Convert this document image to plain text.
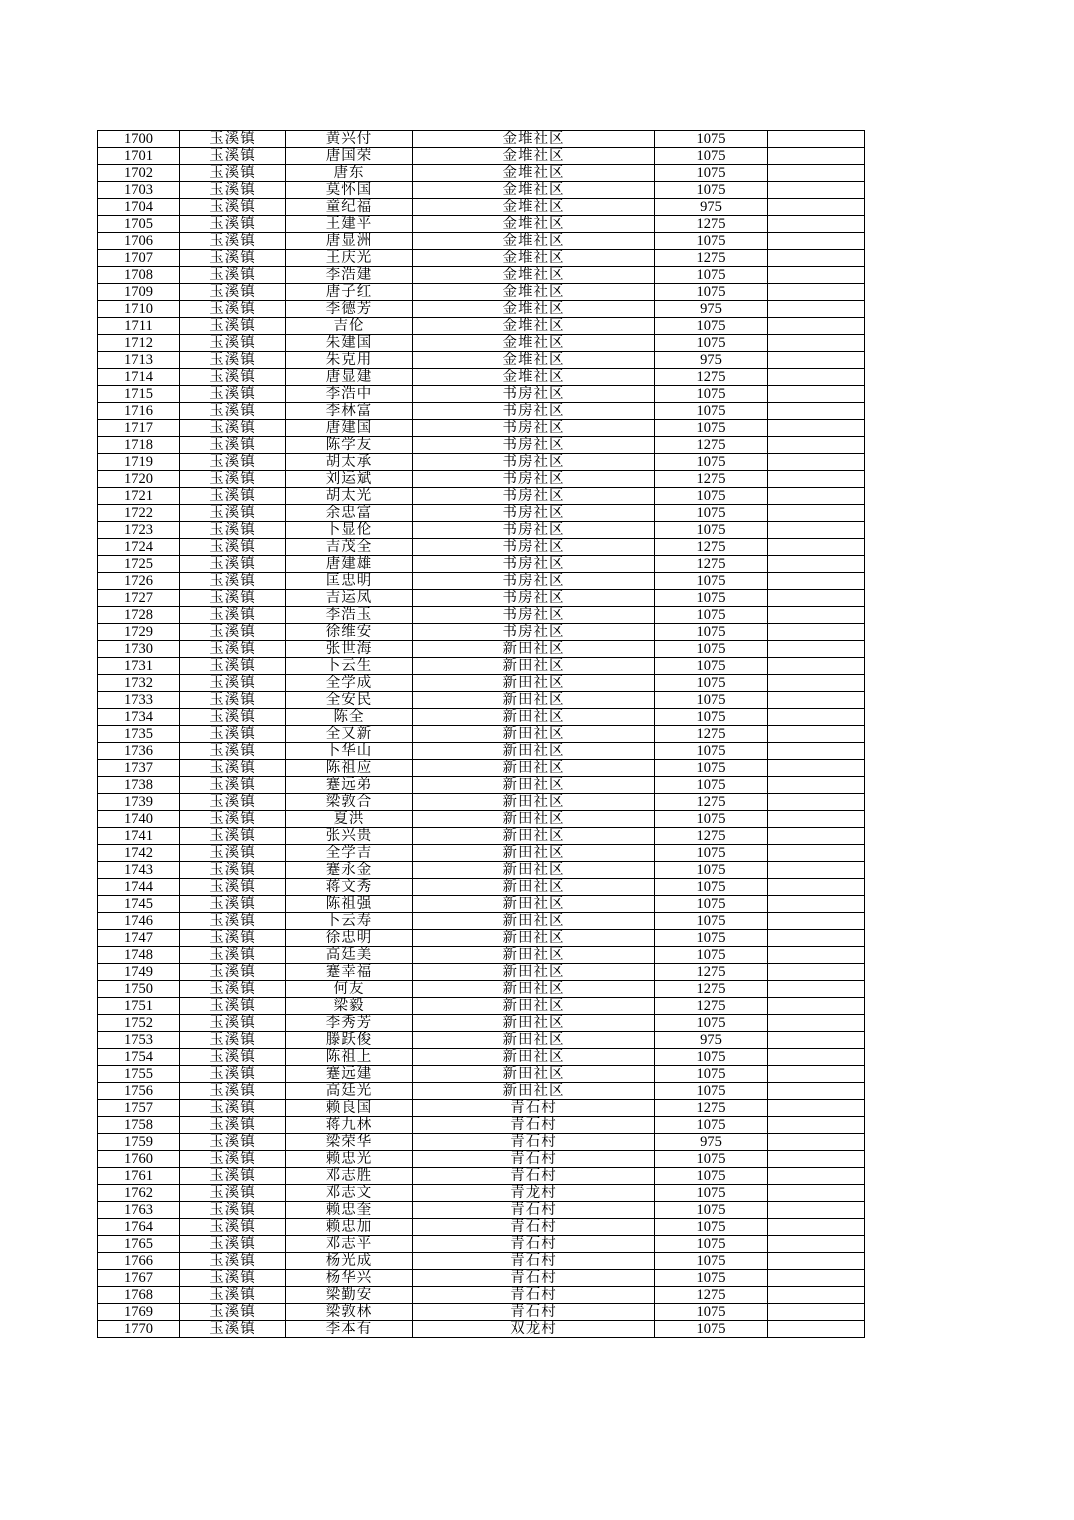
1700	玉溪镇	黄兴付	金堆社区	1075	
1701	玉溪镇	唐国荣	金堆社区	1075	
1702	玉溪镇	唐东	金堆社区	1075	
1703	玉溪镇	莫怀国	金堆社区	1075	
1704	玉溪镇	童纪福	金堆社区	975	
1705	玉溪镇	王建平	金堆社区	1275	
1706	玉溪镇	唐显洲	金堆社区	1075	
1707	玉溪镇	王庆光	金堆社区	1275	
1708	玉溪镇	李浩建	金堆社区	1075	
1709	玉溪镇	唐子红	金堆社区	1075	
1710	玉溪镇	李德芳	金堆社区	975	
1711	玉溪镇	吉伦	金堆社区	1075	
1712	玉溪镇	朱建国	金堆社区	1075	
1713	玉溪镇	朱克用	金堆社区	975	
1714	玉溪镇	唐显建	金堆社区	1275	
1715	玉溪镇	李浩中	书房社区	1075	
1716	玉溪镇	李林富	书房社区	1075	
1717	玉溪镇	唐建国	书房社区	1075	
1718	玉溪镇	陈学友	书房社区	1275	
1719	玉溪镇	胡太承	书房社区	1075	
1720	玉溪镇	刘运斌	书房社区	1275	
1721	玉溪镇	胡太光	书房社区	1075	
1722	玉溪镇	余忠富	书房社区	1075	
1723	玉溪镇	卜显伦	书房社区	1075	
1724	玉溪镇	吉茂全	书房社区	1275	
1725	玉溪镇	唐建雄	书房社区	1275	
1726	玉溪镇	匡忠明	书房社区	1075	
1727	玉溪镇	吉运凤	书房社区	1075	
1728	玉溪镇	李浩玉	书房社区	1075	
1729	玉溪镇	徐维安	书房社区	1075	
1730	玉溪镇	张世海	新田社区	1075	
1731	玉溪镇	卜云生	新田社区	1075	
1732	玉溪镇	全学成	新田社区	1075	
1733	玉溪镇	全安民	新田社区	1075	
1734	玉溪镇	陈全	新田社区	1075	
1735	玉溪镇	全又新	新田社区	1275	
1736	玉溪镇	卜华山	新田社区	1075	
1737	玉溪镇	陈祖应	新田社区	1075	
1738	玉溪镇	蹇远弟	新田社区	1075	
1739	玉溪镇	梁敦合	新田社区	1275	
1740	玉溪镇	夏洪	新田社区	1075	
1741	玉溪镇	张兴贵	新田社区	1275	
1742	玉溪镇	全学吉	新田社区	1075	
1743	玉溪镇	蹇永金	新田社区	1075	
1744	玉溪镇	蒋文秀	新田社区	1075	
1745	玉溪镇	陈祖强	新田社区	1075	
1746	玉溪镇	卜云寿	新田社区	1075	
1747	玉溪镇	徐忠明	新田社区	1075	
1748	玉溪镇	高廷美	新田社区	1075	
1749	玉溪镇	蹇幸福	新田社区	1275	
1750	玉溪镇	何友	新田社区	1275	
1751	玉溪镇	梁毅	新田社区	1275	
1752	玉溪镇	李秀芳	新田社区	1075	
1753	玉溪镇	滕跃俊	新田社区	975	
1754	玉溪镇	陈祖上	新田社区	1075	
1755	玉溪镇	蹇远建	新田社区	1075	
1756	玉溪镇	高廷光	新田社区	1075	
1757	玉溪镇	赖良国	青石村	1275	
1758	玉溪镇	蒋九林	青石村	1075	
1759	玉溪镇	梁荣华	青石村	975	
1760	玉溪镇	赖忠光	青石村	1075	
1761	玉溪镇	邓志胜	青石村	1075	
1762	玉溪镇	邓志文	青龙村	1075	
1763	玉溪镇	赖忠奎	青石村	1075	
1764	玉溪镇	赖忠加	青石村	1075	
1765	玉溪镇	邓志平	青石村	1075	
1766	玉溪镇	杨光成	青石村	1075	
1767	玉溪镇	杨华兴	青石村	1075	
1768	玉溪镇	梁勤安	青石村	1275	
1769	玉溪镇	梁敦林	青石村	1075	
1770	玉溪镇	李本有	双龙村	1075	
